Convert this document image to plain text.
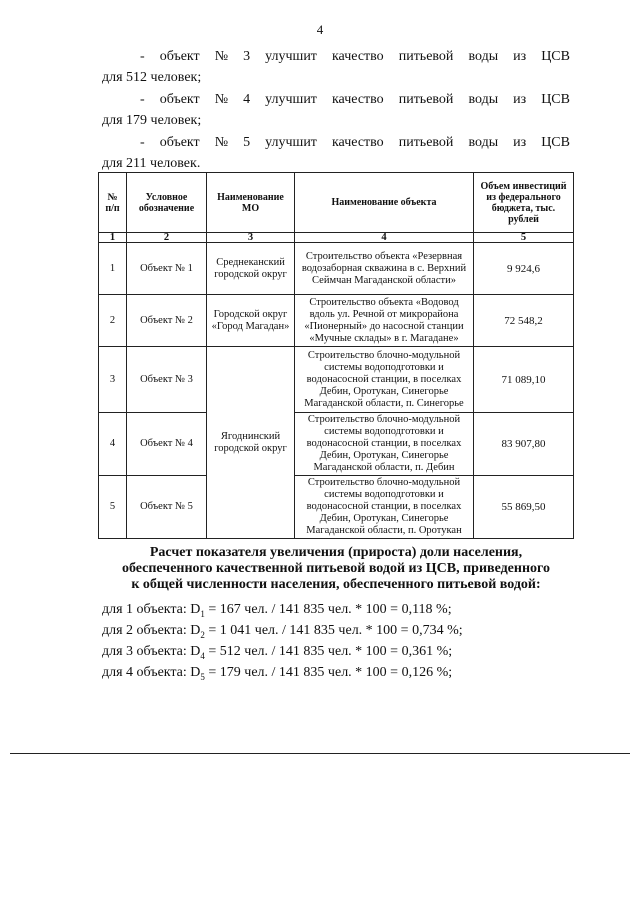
4
- объект № 3 улучшит качество питьевой воды из ЦСВ
для 512 человек;
- объект № 4 улучшит качество питьевой воды из ЦСВ
для 179 человек;
- объект № 5 улучшит качество питьевой воды из ЦСВ
для 211 человек.
№ п/п	Условное обозначение	Наименование МО	Наименование объекта	Объем инвестиций из федерального бюджета, тыс. рублей
1	2	3	4	5
1	Объект № 1	Среднеканский городской округ	Строительство объекта «Резервная водозаборная скважина в с. Верхний Сеймчан Магаданской области»	9 924,6
2	Объект № 2	Городской округ «Город Магадан»	Строительство объекта «Водовод вдоль ул. Речной от микрорайона «Пионерный» до насосной станции «Мучные склады» в г. Магадане»	72 548,2
3	Объект № 3	Ягоднинский городской округ	Строительство блочно-модульной системы водоподготовки и водонасосной станции, в поселках Дебин, Оротукан, Синегорье Магаданской области, п. Синегорье	71 089,10
4	Объект № 4		Строительство блочно-модульной системы водоподготовки и водонасосной станции, в поселках Дебин, Оротукан, Синегорье Магаданской области, п. Дебин	83 907,80
5	Объект № 5		Строительство блочно-модульной системы водоподготовки и водонасосной станции, в поселках Дебин, Оротукан, Синегорье Магаданской области, п. Оротукан	55 869,50
Расчет показателя увеличения (прироста) доли населения,
обеспеченного качественной питьевой водой из ЦСВ, приведенного
к общей численности населения, обеспеченного питьевой водой:
для 1 объекта: $D_1 = 167$ чел. / 141 835 чел. * 100 = 0,118 %;
для 2 объекта: $D_2 = 1$ 041 чел. / 141 835 чел. * 100 = 0,734 %;
для 3 объекта: $D_4 = 512$ чел. / 141 835 чел. * 100 = 0,361 %;
для 4 объекта: $D_5 = 179$ чел. / 141 835 чел. * 100 = 0,126 %;
